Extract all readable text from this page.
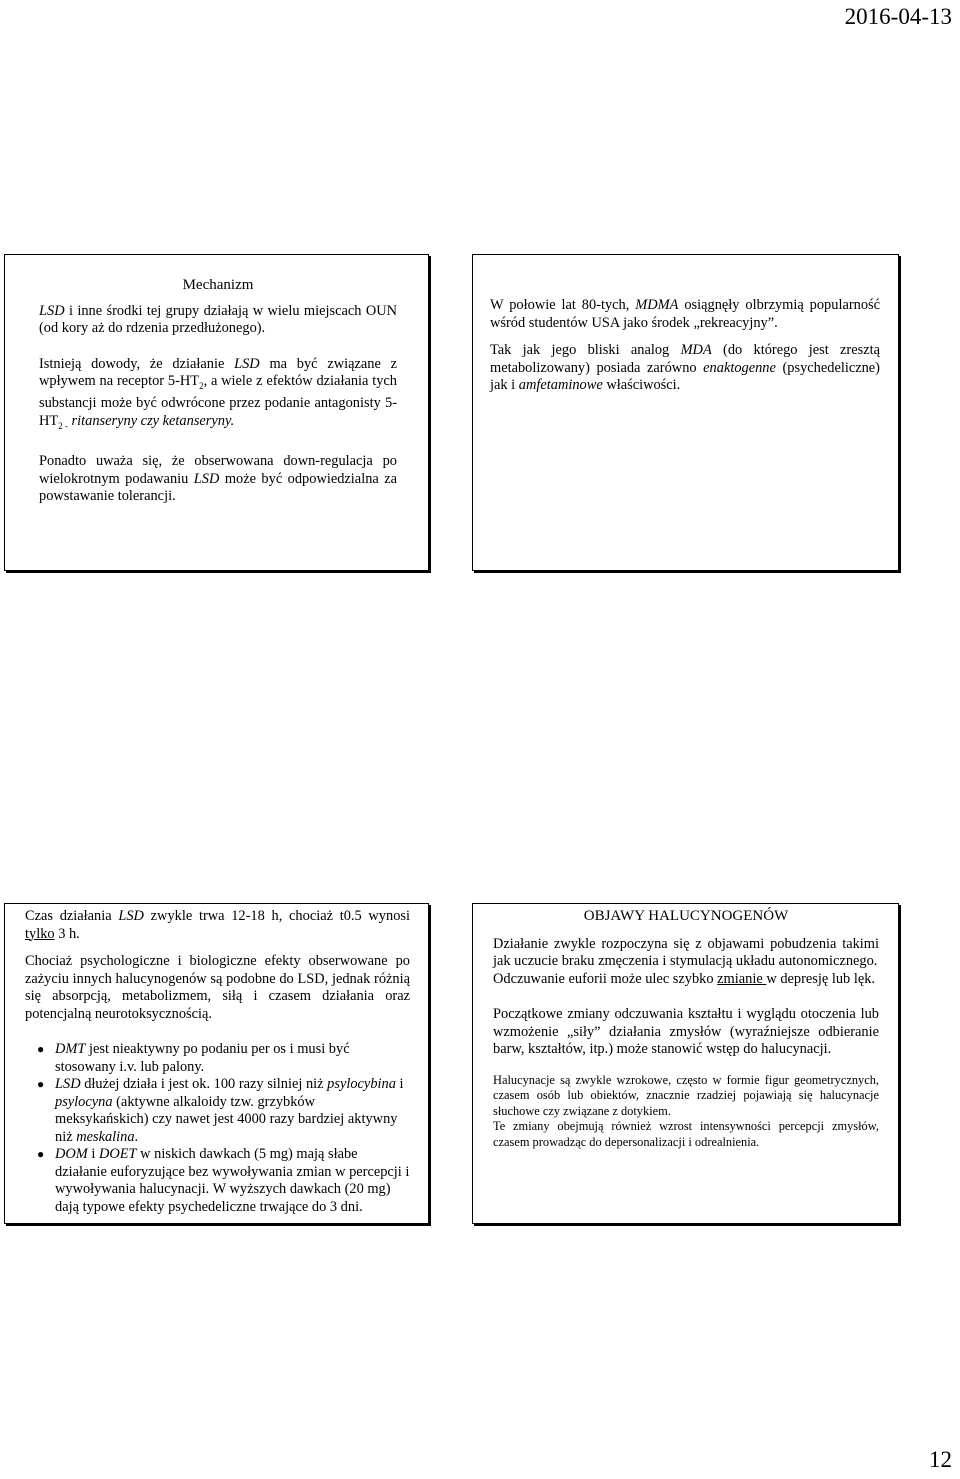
2016-04-13
Mechanizm

LSD i inne środki tej grupy działają w wielu miejscach OUN (od kory aż do rdzenia przedłużonego).

Istnieją dowody, że działanie LSD ma być związane z wpływem na receptor $5-HT_2$, a wiele z efektów działania tych substancji może być odwrócone przez podanie antagonisty $5-HT_{2 -}$ ritanseryny czy ketanseryny.

Ponadto uważa się, że obserwowana down-regulacja po wielokrotnym podawaniu LSD może być odpowiedzialna za powstawanie tolerancji.

W połowie lat 80-tych, MDMA osiągnęły olbrzymią popularność wśród studentów USA jako środek „rekreacyjny”.

Tak jak jego bliski analog MDA (do którego jest zresztą metabolizowany) posiada zarówno enaktogenne (psychedeliczne) jak i amfetaminowe właściwości.

Czas działania LSD zwykle trwa 12-18 h, chociaż t0.5 wynosi tylko 3 h.

Chociaż psychologiczne i biologiczne efekty obserwowane po zażyciu innych halucynogenów są podobne do LSD, jednak różnią się absorpcją, metabolizmem, siłą i czasem działania oraz potencjalną neurotoksycznością.

● DMT jest nieaktywny po podaniu per os i musi być stosowany i.v. lub palony.
● LSD dłużej działa i jest ok. 100 razy silniej niż psylocybina i psylocyna (aktywne alkaloidy tzw. grzybków meksykańskich) czy nawet jest 4000 razy bardziej aktywny niż meskalina.
● DOM i DOET w niskich dawkach (5 mg) mają słabe działanie euforyzujące bez wywoływania zmian w percepcji i wywoływania halucynacji. W wyższych dawkach (20 mg) dają typowe efekty psychedeliczne trwające do 3 dni.
OBJAWY HALUCYNOGENÓW

Działanie zwykle rozpoczyna się z objawami pobudzenia takimi jak uczucie braku zmęczenia i stymulacją układu autonomicznego.

Odczuwanie euforii może ulec szybko zmianie w depresję lub lęk.

Początkowe zmiany odczuwania kształtu i wyglądu otoczenia lub wzmożenie „siły” działania zmysłów (wyraźniejsze odbieranie barw, kształtów, itp.) może stanowić wstęp do halucynacji.

Halucynacje są zwykle wzrokowe, często w formie figur geometrycznych, czasem osób lub obiektów, znacznie rzadziej pojawiają się halucynacje słuchowe czy związane z dotykiem.

Te zmiany obejmują również wzrost intensywności percepcji zmysłów, czasem prowadząc do depersonalizacji i odrealnienia.

12
